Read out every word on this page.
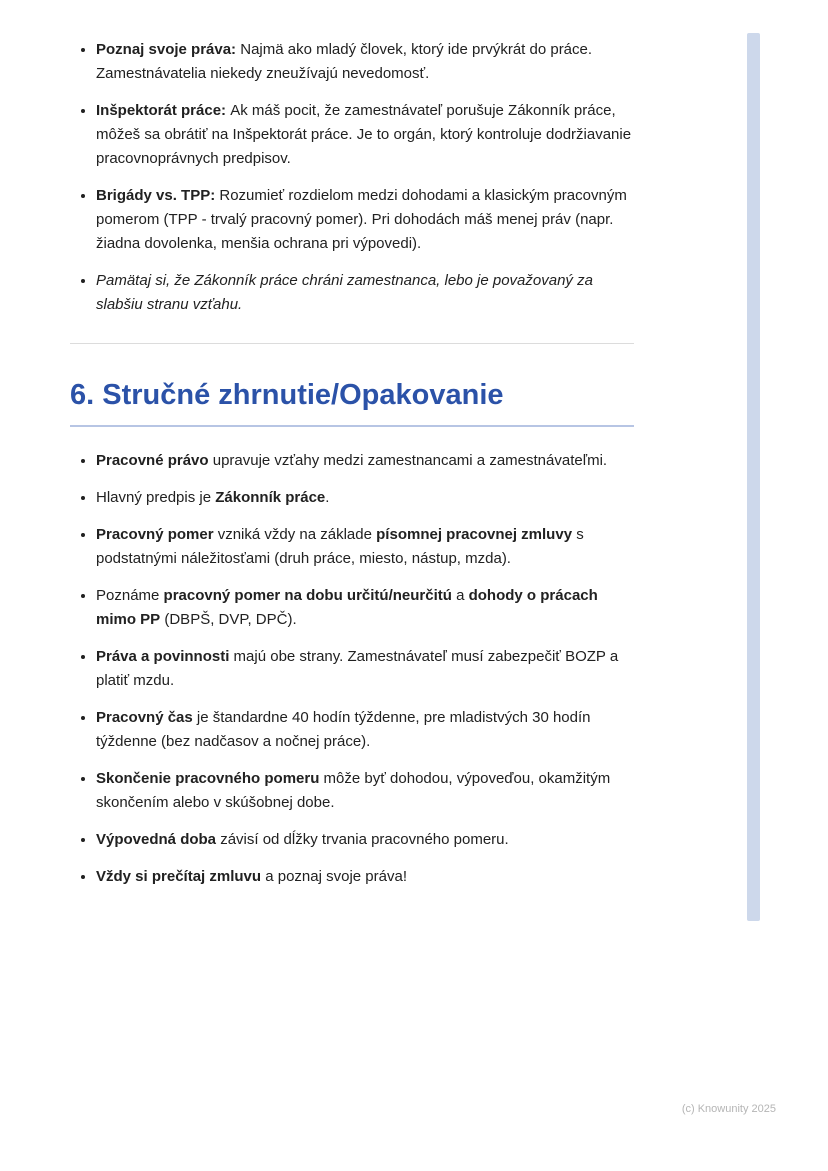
• Poznaj svoje práva: Najmä ako mladý človek, ktorý ide prvýkrát do práce. Zamestnávatelia niekedy zneužívajú nevedomosť.
• Inšpektorát práce: Ak máš pocit, že zamestnávateľ porušuje Zákonník práce, môžeš sa obrátiť na Inšpektorát práce. Je to orgán, ktorý kontroluje dodržiavanie pracovnoprávnych predpisov.
• Brigády vs. TPP: Rozumieť rozdielom medzi dohodami a klasickým pracovným pomerom (TPP - trvalý pracovný pomer). Pri dohodách máš menej práv (napr. žiadna dovolenka, menšia ochrana pri výpovedi).
• Pamätaj si, že Zákonník práce chráni zamestnanca, lebo je považovaný za slabšiu stranu vzťahu.
6. Stručné zhrnutie/Opakovanie
• Pracovné právo upravuje vzťahy medzi zamestnancami a zamestnávateľmi.
• Hlavný predpis je Zákonník práce.
• Pracovný pomer vzniká vždy na základe písomnej pracovnej zmluvy s podstatnými náležitosťami (druh práce, miesto, nástup, mzda).
• Poznáme pracovný pomer na dobu určitú/neurčitú a dohody o prácach mimo PP (DBPŠ, DVP, DPČ).
• Práva a povinnosti majú obe strany. Zamestnávateľ musí zabezpečiť BOZP a platiť mzdu.
• Pracovný čas je štandardne 40 hodín týždenne, pre mladistvých 30 hodín týždenne (bez nadčasov a nočnej práce).
• Skončenie pracovného pomeru môže byť dohodou, výpoveďou, okamžitým skončením alebo v skúšobnej dobe.
• Výpovedná doba závisí od dĺžky trvania pracovného pomeru.
• Vždy si prečítaj zmluvu a poznaj svoje práva!
(c) Knowunity 2025
